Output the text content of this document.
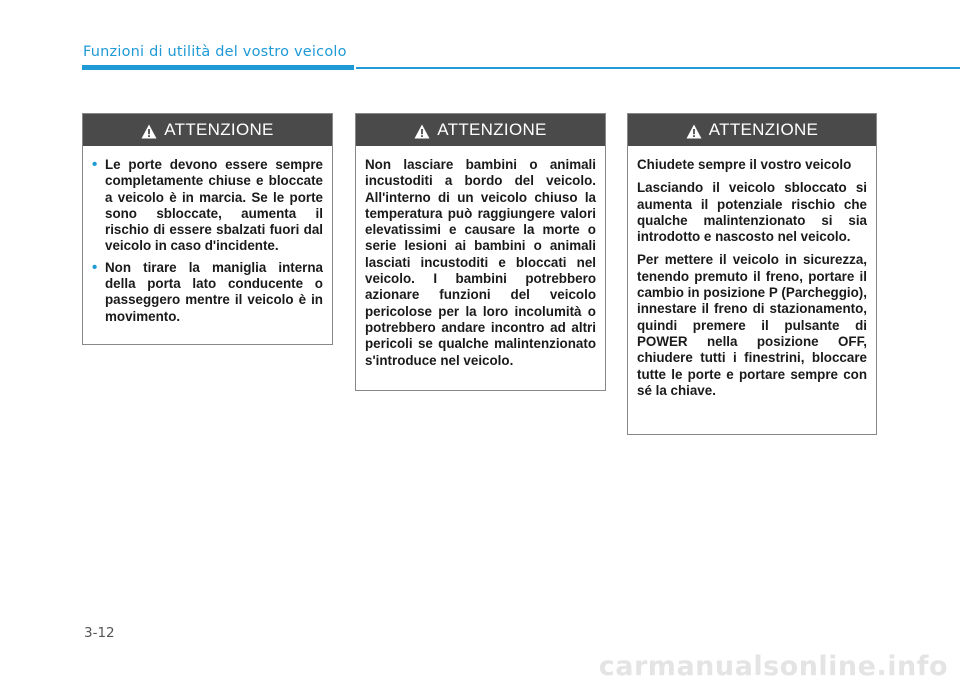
Funzioni di utilità del vostro veicolo
ATTENZIONE
• Le porte devono essere sempre completamente chiuse e bloccate a veicolo è in marcia. Se le porte sono sbloccate, aumenta il rischio di essere sbalzati fuori dal veicolo in caso d'incidente.
• Non tirare la maniglia interna della porta lato conducente o passeggero mentre il veicolo è in movimento.
ATTENZIONE

Non lasciare bambini o animali incustoditi a bordo del veicolo. All'interno di un veicolo chiuso la temperatura può raggiungere valori elevatissimi e causare la morte o serie lesioni ai bambini o animali lasciati incustoditi e bloccati nel veicolo. I bambini potrebbero azionare funzioni del veicolo pericolose per la loro incolumità o potrebbero andare incontro ad altri pericoli se qualche malintenzionato s'introduce nel veicolo.

ATTENZIONE

Chiudete sempre il vostro veicolo

Lasciando il veicolo sbloccato si aumenta il potenziale rischio che qualche malintenzionato si sia introdotto e nascosto nel veicolo.

Per mettere il veicolo in sicurezza, tenendo premuto il freno, portare il cambio in posizione P (Parcheggio), innestare il freno di stazionamento, quindi premere il pulsante di POWER nella posizione OFF, chiudere tutti i finestrini, bloccare tutte le porte e portare sempre con sé la chiave.

3-12
carmanualsonline.info
